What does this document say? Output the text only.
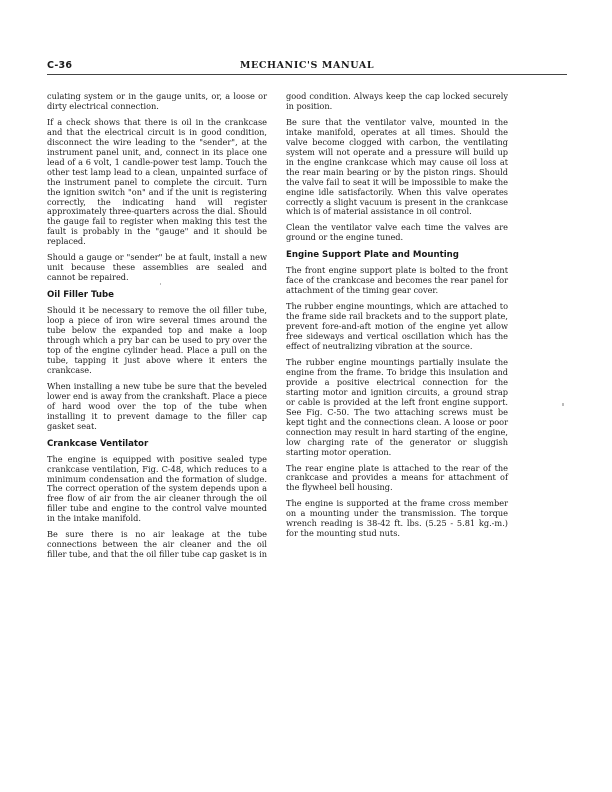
C-36	MECHANIC'S MANUAL

culating system or in the gauge units, or, a loose or dirty electrical connection.

If a check shows that there is oil in the crankcase and that the electrical circuit is in good condition, disconnect the wire leading to the "sender", at the instrument panel unit, and, connect in its place one lead of a 6 volt, 1 candle-power test lamp. Touch the other test lamp lead to a clean, unpainted surface of the instrument panel to complete the circuit. Turn the ignition switch "on" and if the unit is registering correctly, the indicating hand will register approximately three-quarters across the dial. Should the gauge fail to register when making this test the fault is probably in the "gauge" and it should be replaced.

Should a gauge or "sender" be at fault, install a new unit because these assemblies are sealed and cannot be repaired.

Oil Filler Tube

Should it be necessary to remove the oil filler tube, loop a piece of iron wire several times around the tube below the expanded top and make a loop through which a pry bar can be used to pry over the top of the engine cylinder head. Place a pull on the tube, tapping it just above where it enters the crankcase.

When installing a new tube be sure that the beveled lower end is away from the crankshaft. Place a piece of hard wood over the top of the tube when installing it to prevent damage to the filler cap gasket seat.

Crankcase Ventilator

The engine is equipped with positive sealed type crankcase ventilation, Fig. C-48, which reduces to a minimum condensation and the formation of sludge. The correct operation of the system depends upon a free flow of air from the air cleaner through the oil filler tube and engine to the control valve mounted in the intake manifold.

Be sure there is no air leakage at the tube connections between the air cleaner and the oil filler tube, and that the oil filler tube cap gasket is in

good condition. Always keep the cap locked securely in position.

Be sure that the ventilator valve, mounted in the intake manifold, operates at all times. Should the valve become clogged with carbon, the ventilating system will not operate and a pressure will build up in the engine crankcase which may cause oil loss at the rear main bearing or by the piston rings. Should the valve fail to seat it will be impossible to make the engine idle satisfactorily. When this valve operates correctly a slight vacuum is present in the crankcase which is of material assistance in oil control.

Clean the ventilator valve each time the valves are ground or the engine tuned.

Engine Support Plate and Mounting

The front engine support plate is bolted to the front face of the crankcase and becomes the rear panel for attachment of the timing gear cover.

The rubber engine mountings, which are attached to the frame side rail brackets and to the support plate, prevent fore-and-aft motion of the engine yet allow free sideways and vertical oscillation which has the effect of neutralizing vibration at the source.

The rubber engine mountings partially insulate the engine from the frame. To bridge this insulation and provide a positive electrical connection for the starting motor and ignition circuits, a ground strap or cable is provided at the left front engine support. See Fig. C-50. The two attaching screws must be kept tight and the connections clean. A loose or poor connection may result in hard starting of the engine, low charging rate of the generator or sluggish starting motor operation.

The rear engine plate is attached to the rear of the crankcase and provides a means for attachment of the flywheel bell housing.

The engine is supported at the frame cross member on a mounting under the transmission. The torque wrench reading is 38-42 ft. lbs. (5.25 - 5.81 kg.-m.) for the mounting stud nuts.
